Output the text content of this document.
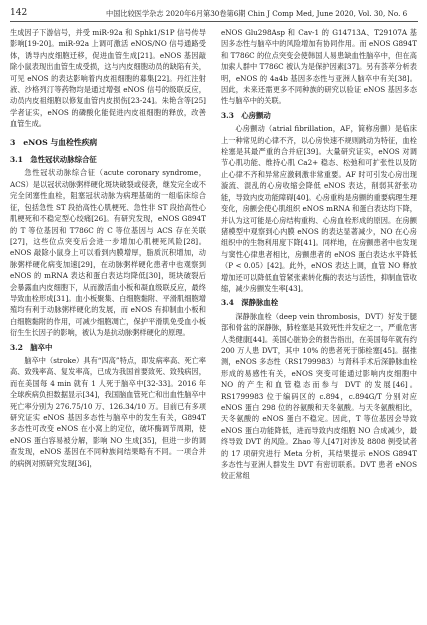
142	中国比较医学杂志 2020年6月第30卷第6期 Chin J Comp Med, June 2020, Vol. 30, No. 6

生成因子下游信号，并受 miR-92a 和 Sphk1/S1P 信号传导影响[19-20]。miR-92a 上调可激活 eNOS/NO 信号通路受体，诱导内皮细胞迁移，促进血管生成[21]。eNOS 基因敲除小鼠表现出血管生成受损，这与内皮细胞动员的缺陷有关，可见 eNOS 的表达影响着内皮祖细胞的募集[22]。丹红注射液、沙格列汀等药物均是通过增强 eNOS 信号的级联反应，动员内皮祖细胞以修复血管内皮损伤[23-24]。朱艳含等[25]学者证实，eNOS 的磷酸化能促进内皮祖细胞的释放，改善血管生成。

3　eNOS 与血栓性疾病
3.1　急性冠状动脉综合征

急性冠状动脉综合征（acute coronary syndrome，ACS）是以冠状动脉粥样硬化斑块破裂或侵袭，继发完全或不完全闭塞性血栓，阻塞冠状动脉为病理基础的一组临床综合征，包括急性 ST 段抬高性心肌梗死、急性非 ST 段抬高性心肌梗死和不稳定型心绞痛[26]。有研究发现，eNOS G894T 的 T 等位基因和 T786C 的 C 等位基因与 ACS 存在关联[27]，这些位点突变后会进一步增加心肌梗死风险[28]。eNOS 敲除小鼠身上可以看到内膜增厚，脂质沉积增加，动脉粥样硬化病变加速[29]，在动脉粥样硬化患者中也观察到 eNOS 的 mRNA 表达和蛋白表达均降低[30]，斑块破裂后会暴露血内皮细胞下，从而激活血小板和凝血级联反应，最终导致血栓形成[31]。血小板聚集、白细胞黏附、平滑肌细胞增殖均有利于动脉粥样硬化的发展，而 eNOS 有抑制血小板和白细胞黏附的作用，可减少细胞凋亡，保护平滑肌免受血小板衍生生长因子的影响，被认为是抗动脉粥样硬化的原理。

3.2　脑卒中

脑卒中（stroke）具有“四高”特点，即发病率高、死亡率高、致残率高、复发率高，已成为我国首要致死、致残病因，而在美国每 4 min 就有 1 人死于脑卒中[32-33]。2016 年全球疾病负担数据显示[34]，我国脑血管死亡和出血性脑卒中死亡率分别为 276.75/10 万、126.34/10 万。目前已有多项研究证实 eNOS 基因多态性与脑卒中的发生有关，G894T 多态性可改变 eNOS 在小窝上的定位，破坏酶调节周期，使 eNOS 蛋白容易被分解，影响 NO 生成[35]，但进一步的调查发现，eNOS 基因在不同种族间结果略有不同。一项合并的病例对照研究发现[36]，

eNOS Glu298Asp 和 Cav-1 的 G14713A、T29107A 基因多态性与脑卒中的风险增加有协同作用。而 eNOS G894T 和 T786C 的位点突变会使韩国人易患缺血性脑卒中，但在高加索人群中 T786C 被认为是保护因素[37]。另有荟萃分析表明，eNOS 的 4a4b 基因多态性与亚洲人脑卒中有关[38]。因此，未来还需更多不同种族的研究以验证 eNOS 基因多态性与脑卒中的关联。

3.3　心房颤动

心房颤动（atrial fibrillation，AF，简称房颤）是临床上一种常见的心律不齐，以心房快速不规则跳动为特征，血栓栓塞是其最严重的合并症[39]。大量研究证实，eNOS 对调节心肌功能、维持心肌 Ca2+ 稳态、松弛和可扩张性以及防止心律不齐和异常应激刺激非常重要。AF 时可引发心房出现漩流、混乱的心房收缩会降低 eNOS 表达，削弱其舒张功能，导致内皮功能障碍[40]。心房重构是房颤的重要病理生理变化，房颤会使心肌组织 eNOS mRNA 和蛋白表达均下降，并认为这可能是心房结构重构、心房血栓形成的原因。在房颤猪模型中观察到心内膜 eNOS 的表达显著减少，NO 在心房组织中的生物利用度下降[41]。同样地，在房颤患者中也发现与窦性心律患者相比，房颤患者的 eNOS 蛋白表达水平降低（P < 0.05）[42]。此外，eNOS 表达上调，血管 NO 释放增加还可以降低血管紧张素转化酶的表达与活性，抑制血管收缩，减少房颤发生率[43]。

3.4　深静脉血栓

深静脉血栓（deep vein thrombosis，DVT）好发于腿部和骨盆的深静脉，肺栓塞是其致死性并发症之一，严重危害人类健康[44]。美国心脏协会的报告指出，在美国每年就有约 200 万人患 DVT，其中 10% 的患者死于肺栓塞[45]。据推测，eNOS 多态性（RS1799983）与肾科手术后深静脉血栓形成的易感性有关，eNOS 突变可能通过影响内皮细胞中 NO 的产生和血管稳态而参与 DVT 的发展[46]。RS1799983 位于编码区的 c.894，c.894G/T 分别对应 eNOS 蛋白 298 位的谷氨酸和天冬氨酸。与天冬氨酸相比，天冬氨酸的 eNOS 蛋白不稳定。因此，T 等位基因会导致 eNOS 蛋白功能降低，进而导致内皮细胞 NO 合成减少，最终导致 DVT 的风险。Zhao 等人[47]对涉及 8808 例受试者的 17 项研究进行 Meta 分析，其结果提示 eNOS G894T 多态性与亚洲人群发生 DVT 有密切联系。DVT 患者 eNOS 较正常组
